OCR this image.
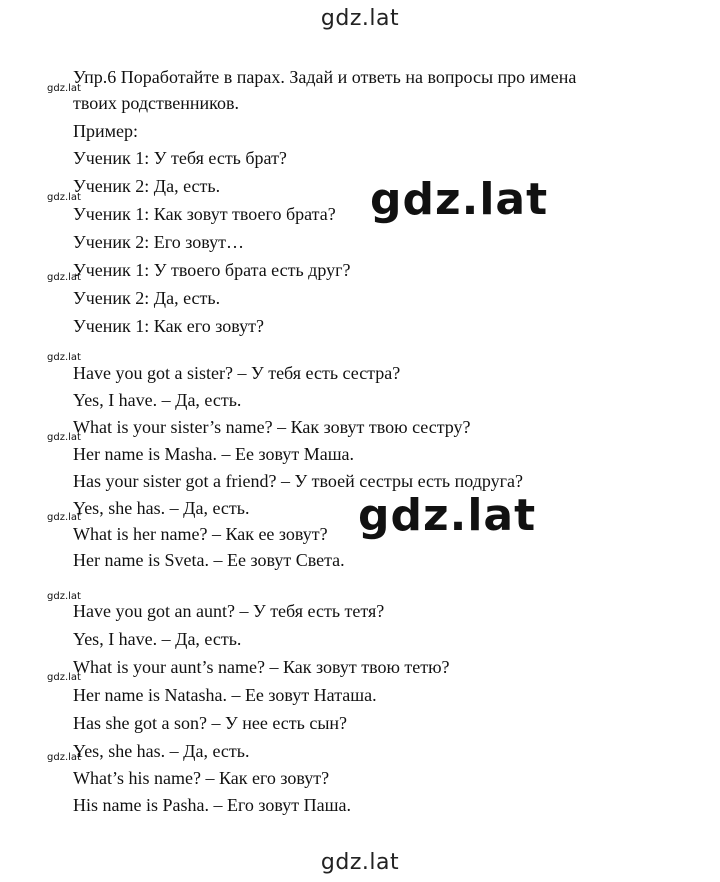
gdz.lat
Упр.6 Поработайте в парах. Задай и ответь на вопросы про имена
твоих родственников.
Пример:
Ученик 1: У тебя есть брат?
Ученик 2: Да, есть.
Ученик 1: Как зовут твоего брата?
Ученик 2: Его зовут…
Ученик 1: У твоего брата есть друг?
Ученик 2: Да, есть.
Ученик 1: Как его зовут?
Have you got a sister? – У тебя есть сестра?
Yes, I have. – Да, есть.
What is your sister’s name? – Как зовут твою сестру?
Her name is Masha. – Ее зовут Маша.
Has your sister got a friend? – У твоей сестры есть подруга?
Yes, she has. – Да, есть.
What is her name? – Как ее зовут?
Her name is Sveta. – Ее зовут Света.
Have you got an aunt? – У тебя есть тетя?
Yes, I have. – Да, есть.
What is your aunt’s name? – Как зовут твою тетю?
Her name is Natasha. – Ее зовут Наташа.
Has she got a son? – У нее есть сын?
Yes, she has. – Да, есть.
What’s his name? – Как его зовут?
His name is Pasha. – Его зовут Паша.
gdz.lat
gdz.lat
gdz.lat
gdz.lat
gdz.lat
gdz.lat
gdz.lat
gdz.lat
gdz.lat
gdz.lat
gdz.lat
gdz.lat
